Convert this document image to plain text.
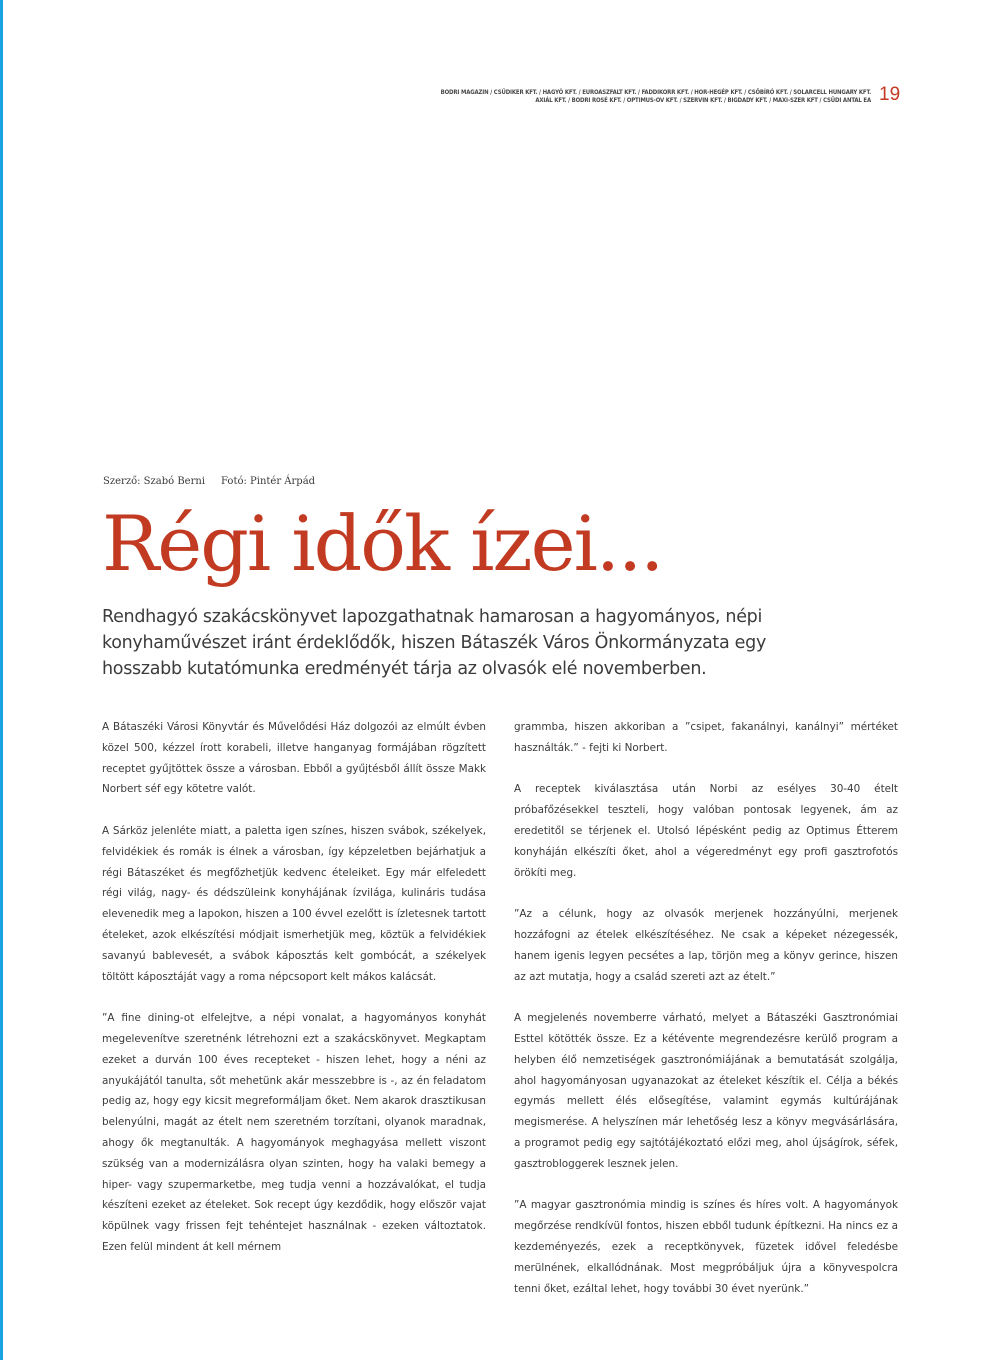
BODRI MAGAZIN / CSÜDIKER KFT. / HAGYÓ KFT. / EUROASZFALT KFT. / FADDIKORR KFT. / HOR-HEGÉP KFT. / CSŐBÍRÓ KFT. / SOLARCELL HUNGARY KFT.
AXIÁL KFT. / BODRI ROSÉ KFT. / OPTIMUS-OV KFT. / SZERVIN KFT. / BIGDADY KFT. / MAXI-SZER KFT / CSÜDI ANTAL EA 19
Szerző: Szabó Berni Fotó: Pintér Árpád
Régi idők ízei...

Rendhagyó szakácskönyvet lapozgathatnak hamarosan a hagyományos, népi konyhaművészet iránt érdeklődők, hiszen Bátaszék Város Önkormányzata egy hosszabb kutatómunka eredményét tárja az olvasók elé novemberben.

A Bátaszéki Városi Könyvtár és Művelődési Ház dolgozói az elmúlt évben közel 500, kézzel írott korabeli, illetve hanganyag formájában rögzített receptet gyűjtöttek össze a városban. Ebből a gyűjtésből állít össze Makk Norbert séf egy kötetre valót.

A Sárköz jelenléte miatt, a paletta igen színes, hiszen svábok, székelyek, felvidékiek és romák is élnek a városban, így képzeletben bejárhatjuk a régi Bátaszéket és megfőzhetjük kedvenc ételeiket. Egy már elfeledett régi világ, nagy- és dédszüleink konyhájának ízvilága, kulináris tudása elevenedik meg a lapokon, hiszen a 100 évvel ezelőtt is ízletesnek tartott ételeket, azok elkészítési módjait ismerhetjük meg, köztük a felvidékiek savanyú bablevesét, a svábok káposztás kelt gombócát, a székelyek töltött káposztáját vagy a roma népcsoport kelt mákos kalácsát.

”A fine dining-ot elfelejtve, a népi vonalat, a hagyományos konyhát megelevenítve szeretnénk létrehozni ezt a szakácskönyvet. Megkaptam ezeket a durván 100 éves recepteket - hiszen lehet, hogy a néni az anyukájától tanulta, sőt mehetünk akár messzebbre is -, az én feladatom pedig az, hogy egy kicsit megreformáljam őket. Nem akarok drasztikusan belenyúlni, magát az ételt nem szeretném torzítani, olyanok maradnak, ahogy ők megtanulták. A hagyományok meghagyása mellett viszont szükség van a modernizálásra olyan szinten, hogy ha valaki bemegy a hiper- vagy szupermarketbe, meg tudja venni a hozzávalókat, el tudja készíteni ezeket az ételeket. Sok recept úgy kezdődik, hogy először vajat köpülnek vagy frissen fejt tehéntejet használnak - ezeken változtatok. Ezen felül mindent át kell mérnem

grammba, hiszen akkoriban a ”csipet, fakanálnyi, kanálnyi” mértéket használták.” - fejti ki Norbert.

A receptek kiválasztása után Norbi az esélyes 30-40 ételt próbafőzésekkel teszteli, hogy valóban pontosak legyenek, ám az eredetitől se térjenek el. Utolsó lépésként pedig az Optimus Étterem konyháján elkészíti őket, ahol a végeredményt egy profi gasztrofotós örökíti meg.

”Az a célunk, hogy az olvasók merjenek hozzányúlni, merjenek hozzáfogni az ételek elkészítéséhez. Ne csak a képeket nézegessék, hanem igenis legyen pecsétes a lap, törjön meg a könyv gerince, hiszen az azt mutatja, hogy a család szereti azt az ételt.”

A megjelenés novemberre várható, melyet a Bátaszéki Gasztronómiai Esttel kötötték össze. Ez a kétévente megrendezésre kerülő program a helyben élő nemzetiségek gasztronómiájának a bemutatását szolgálja, ahol hagyományosan ugyanazokat az ételeket készítik el. Célja a békés egymás mellett élés elősegítése, valamint egymás kultúrájának megismerése. A helyszínen már lehetőség lesz a könyv megvásárlására, a programot pedig egy sajtótájékoztató előzi meg, ahol újságírok, séfek, gasztrobloggerek lesznek jelen.

”A magyar gasztronómia mindig is színes és híres volt. A hagyományok megőrzése rendkívül fontos, hiszen ebből tudunk építkezni. Ha nincs ez a kezdeményezés, ezek a receptkönyvek, füzetek idővel feledésbe merülnének, elkallódnának. Most megpróbáljuk újra a könyvespolcra tenni őket, ezáltal lehet, hogy további 30 évet nyerünk.”
